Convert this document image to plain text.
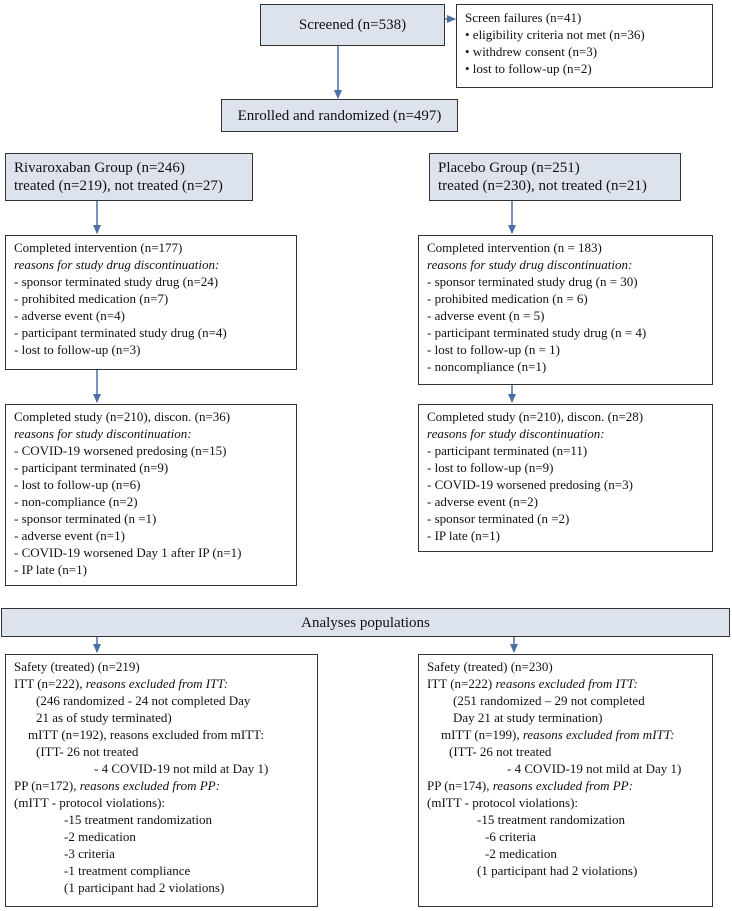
Screened (n=538)	Screen failures (n=41)
• eligibility criteria not met (n=36)
• withdrew consent (n=3)
• lost to follow-up (n=2)
Enrolled and randomized (n=497)
Rivaroxaban Group (n=246)
treated (n=219), not treated (n=27)
Placebo Group (n=251)
treated (n=230), not treated (n=21)
Completed intervention (n=177)
reasons for study drug discontinuation:
- sponsor terminated study drug (n=24)
- prohibited medication (n=7)
- adverse event (n=4)
- participant terminated study drug (n=4)
- lost to follow-up (n=3)
Completed intervention (n = 183)
reasons for study drug discontinuation:
- sponsor terminated study drug (n = 30)
- prohibited medication (n = 6)
- adverse event (n = 5)
- participant terminated study drug (n = 4)
- lost to follow-up (n = 1)
- noncompliance (n=1)
Completed study (n=210), discon. (n=36)
reasons for study discontinuation:
- COVID-19 worsened predosing (n=15)
- participant terminated (n=9)
- lost to follow-up (n=6)
- non-compliance (n=2)
- sponsor terminated (n =1)
- adverse event (n=1)
- COVID-19 worsened Day 1 after IP (n=1)
- IP late (n=1)
Completed study (n=210), discon. (n=28)
reasons for study discontinuation:
- participant terminated (n=11)
- lost to follow-up (n=9)
- COVID-19 worsened predosing (n=3)
- adverse event (n=2)
- sponsor terminated (n =2)
- IP late (n=1)
Analyses populations
Safety (treated) (n=219)
ITT (n=222), reasons excluded from ITT:
(246 randomized - 24 not completed Day
21 as of study terminated)
mITT (n=192), reasons excluded from mITT:
(ITT- 26 not treated
- 4 COVID-19 not mild at Day 1)
PP (n=172), reasons excluded from PP:
(mITT - protocol violations):
-15 treatment randomization
-2 medication
-3 criteria
-1 treatment compliance
(1 participant had 2 violations)
Safety (treated) (n=230)
ITT (n=222) reasons excluded from ITT:
(251 randomized – 29 not completed
Day 21 at study termination)
mITT (n=199), reasons excluded from mITT:
(ITT- 26 not treated
- 4 COVID-19 not mild at Day 1)
PP (n=174), reasons excluded from PP:
(mITT - protocol violations):
-15 treatment randomization
-6 criteria
-2 medication
(1 participant had 2 violations)
